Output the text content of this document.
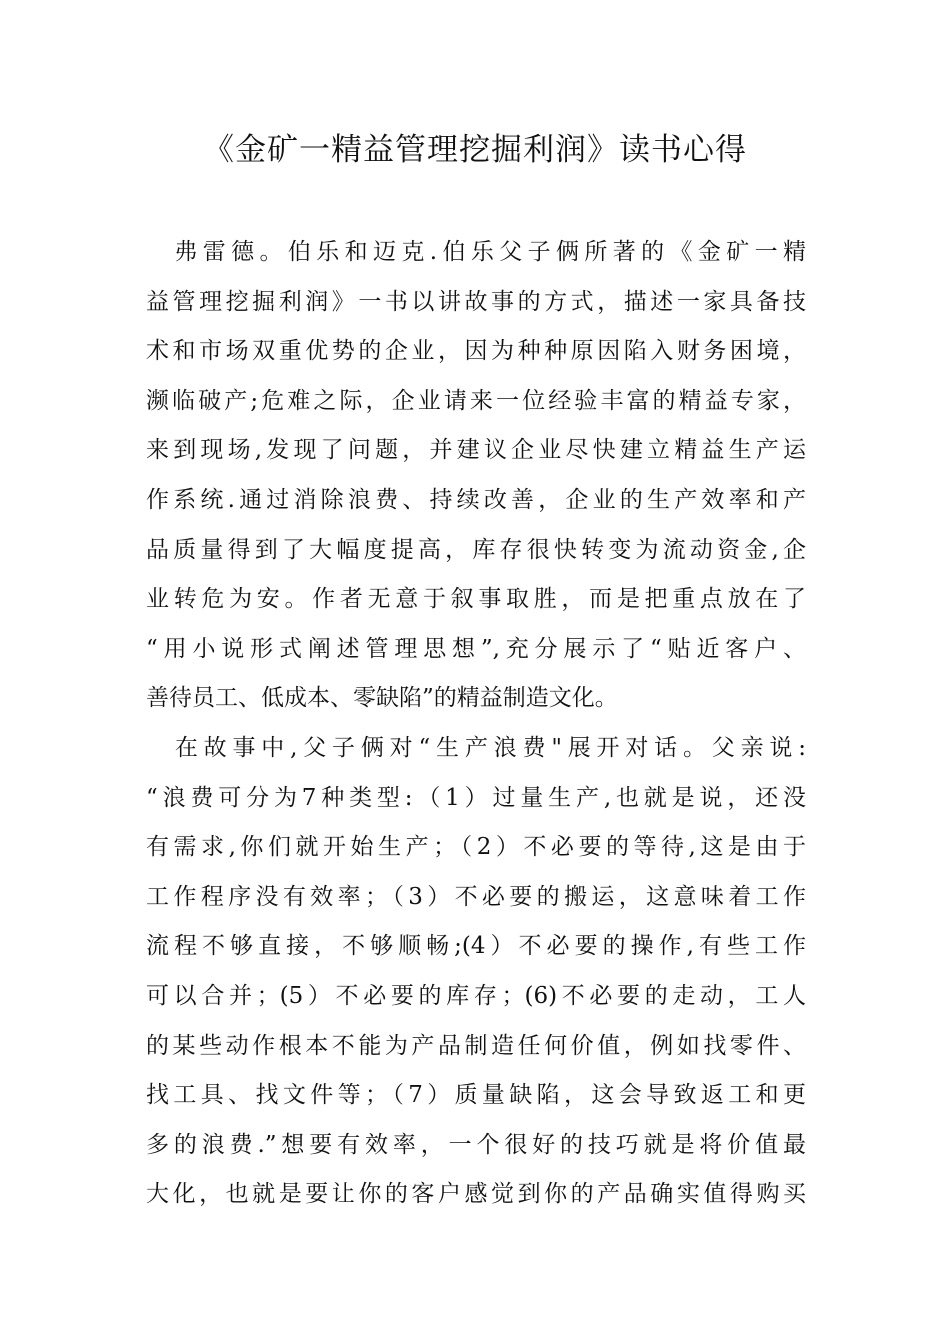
《金矿一精益管理挖掘利润》读书心得
　弗雷德。伯乐和迈克.伯乐父子俩所著的《金矿一精
益管理挖掘利润》一书以讲故事的方式，描述一家具备技
术和市场双重优势的企业，因为种种原因陷入财务困境，
濒临破产;危难之际，企业请来一位经验丰富的精益专家，
来到现场,发现了问题，并建议企业尽快建立精益生产运
作系统.通过消除浪费、持续改善，企业的生产效率和产
品质量得到了大幅度提高，库存很快转变为流动资金,企
业转危为安。作者无意于叙事取胜，而是把重点放在了
“用小说形式阐述管理思想”,充分展示了“贴近客户、
善待员工、低成本、零缺陷”的精益制造文化。
　在故事中,父子俩对“生产浪费"展开对话。父亲说:
“浪费可分为7种类型:（1）过量生产,也就是说，还没
有需求,你们就开始生产；（2）不必要的等待,这是由于
工作程序没有效率；（3）不必要的搬运，这意味着工作
流程不够直接，不够顺畅;(4）不必要的操作,有些工作
可以合并；(5）不必要的库存；(6)不必要的走动，工人
的某些动作根本不能为产品制造任何价值，例如找零件、
找工具、找文件等；（7）质量缺陷，这会导致返工和更
多的浪费.”想要有效率，一个很好的技巧就是将价值最
大化，也就是要让你的客户感觉到你的产品确实值得购买
